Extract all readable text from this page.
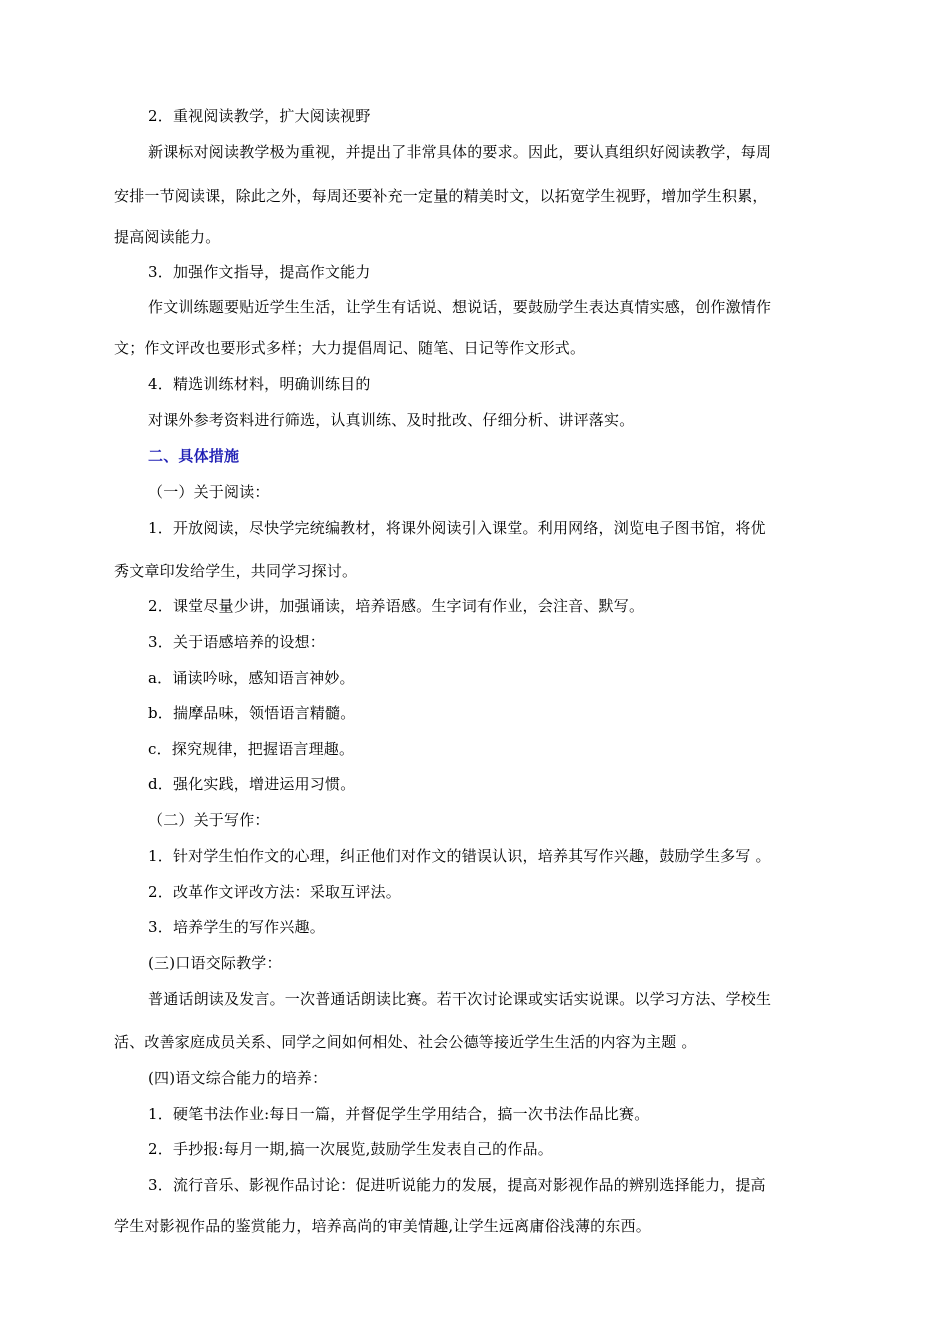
2．重视阅读教学，扩大阅读视野
新课标对阅读教学极为重视，并提出了非常具体的要求。因此，要认真组织好阅读教学，每周
安排一节阅读课，除此之外，每周还要补充一定量的精美时文，以拓宽学生视野，增加学生积累，
提高阅读能力。
3．加强作文指导，提高作文能力
作文训练题要贴近学生生活，让学生有话说、想说话，要鼓励学生表达真情实感，创作激情作
文；作文评改也要形式多样；大力提倡周记、随笔、日记等作文形式。
4．精选训练材料，明确训练目的
对课外参考资料进行筛选，认真训练、及时批改、仔细分析、讲评落实。
二、具体措施
（一）关于阅读：
1．开放阅读，尽快学完统编教材，将课外阅读引入课堂。利用网络，浏览电子图书馆，将优
秀文章印发给学生，共同学习探讨。
2．课堂尽量少讲，加强诵读，培养语感。生字词有作业，会注音、默写。
3．关于语感培养的设想：
a．诵读吟咏，感知语言神妙。
b．揣摩品味，领悟语言精髓。
c．探究规律，把握语言理趣。
d．强化实践，增进运用习惯。
（二）关于写作：
1．针对学生怕作文的心理，纠正他们对作文的错误认识，培养其写作兴趣，鼓励学生多写 。
2．改革作文评改方法：采取互评法。
3．培养学生的写作兴趣。
(三)口语交际教学：
普通话朗读及发言。一次普通话朗读比赛。若干次讨论课或实话实说课。以学习方法、学校生
活、改善家庭成员关系、同学之间如何相处、社会公德等接近学生生活的内容为主题 。
(四)语文综合能力的培养：
1．硬笔书法作业:每日一篇，并督促学生学用结合，搞一次书法作品比赛。
2．手抄报:每月一期,搞一次展览,鼓励学生发表自己的作品。
3．流行音乐、影视作品讨论：促进听说能力的发展，提高对影视作品的辨别选择能力，提高
学生对影视作品的鉴赏能力，培养高尚的审美情趣,让学生远离庸俗浅薄的东西。
